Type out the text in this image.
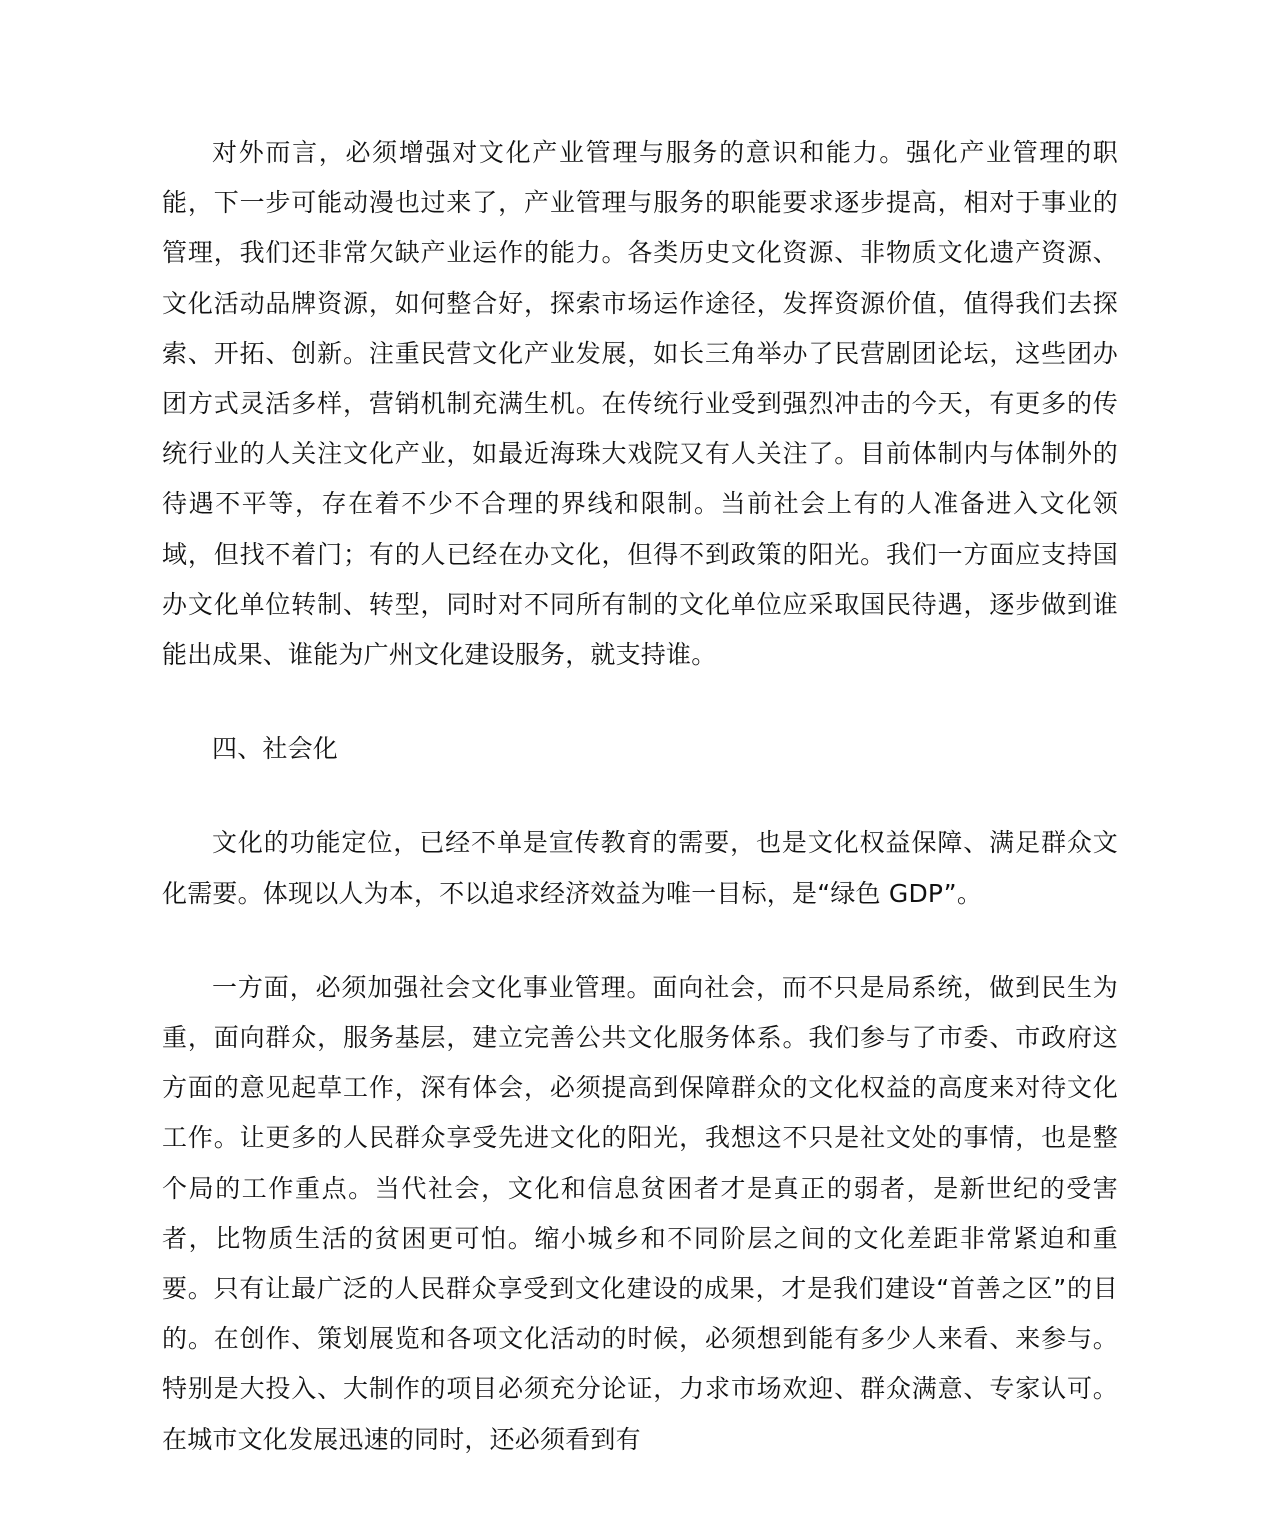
对外而言，必须增强对文化产业管理与服务的意识和能力。强化产业管理的职能，下一步可能动漫也过来了，产业管理与服务的职能要求逐步提高，相对于事业的管理，我们还非常欠缺产业运作的能力。各类历史文化资源、非物质文化遗产资源、文化活动品牌资源，如何整合好，探索市场运作途径，发挥资源价值，值得我们去探索、开拓、创新。注重民营文化产业发展，如长三角举办了民营剧团论坛，这些团办团方式灵活多样，营销机制充满生机。在传统行业受到强烈冲击的今天，有更多的传统行业的人关注文化产业，如最近海珠大戏院又有人关注了。目前体制内与体制外的待遇不平等，存在着不少不合理的界线和限制。当前社会上有的人准备进入文化领域，但找不着门；有的人已经在办文化，但得不到政策的阳光。我们一方面应支持国办文化单位转制、转型，同时对不同所有制的文化单位应采取国民待遇，逐步做到谁能出成果、谁能为广州文化建设服务，就支持谁。

四、社会化

文化的功能定位，已经不单是宣传教育的需要，也是文化权益保障、满足群众文化需要。体现以人为本，不以追求经济效益为唯一目标，是“绿色 GDP”。

一方面，必须加强社会文化事业管理。面向社会，而不只是局系统，做到民生为重，面向群众，服务基层，建立完善公共文化服务体系。我们参与了市委、市政府这方面的意见起草工作，深有体会，必须提高到保障群众的文化权益的高度来对待文化工作。让更多的人民群众享受先进文化的阳光，我想这不只是社文处的事情，也是整个局的工作重点。当代社会，文化和信息贫困者才是真正的弱者，是新世纪的受害者，比物质生活的贫困更可怕。缩小城乡和不同阶层之间的文化差距非常紧迫和重要。只有让最广泛的人民群众享受到文化建设的成果，才是我们建设“首善之区”的目的。在创作、策划展览和各项文化活动的时候，必须想到能有多少人来看、来参与。特别是大投入、大制作的项目必须充分论证，力求市场欢迎、群众满意、专家认可。在城市文化发展迅速的同时，还必须看到有
